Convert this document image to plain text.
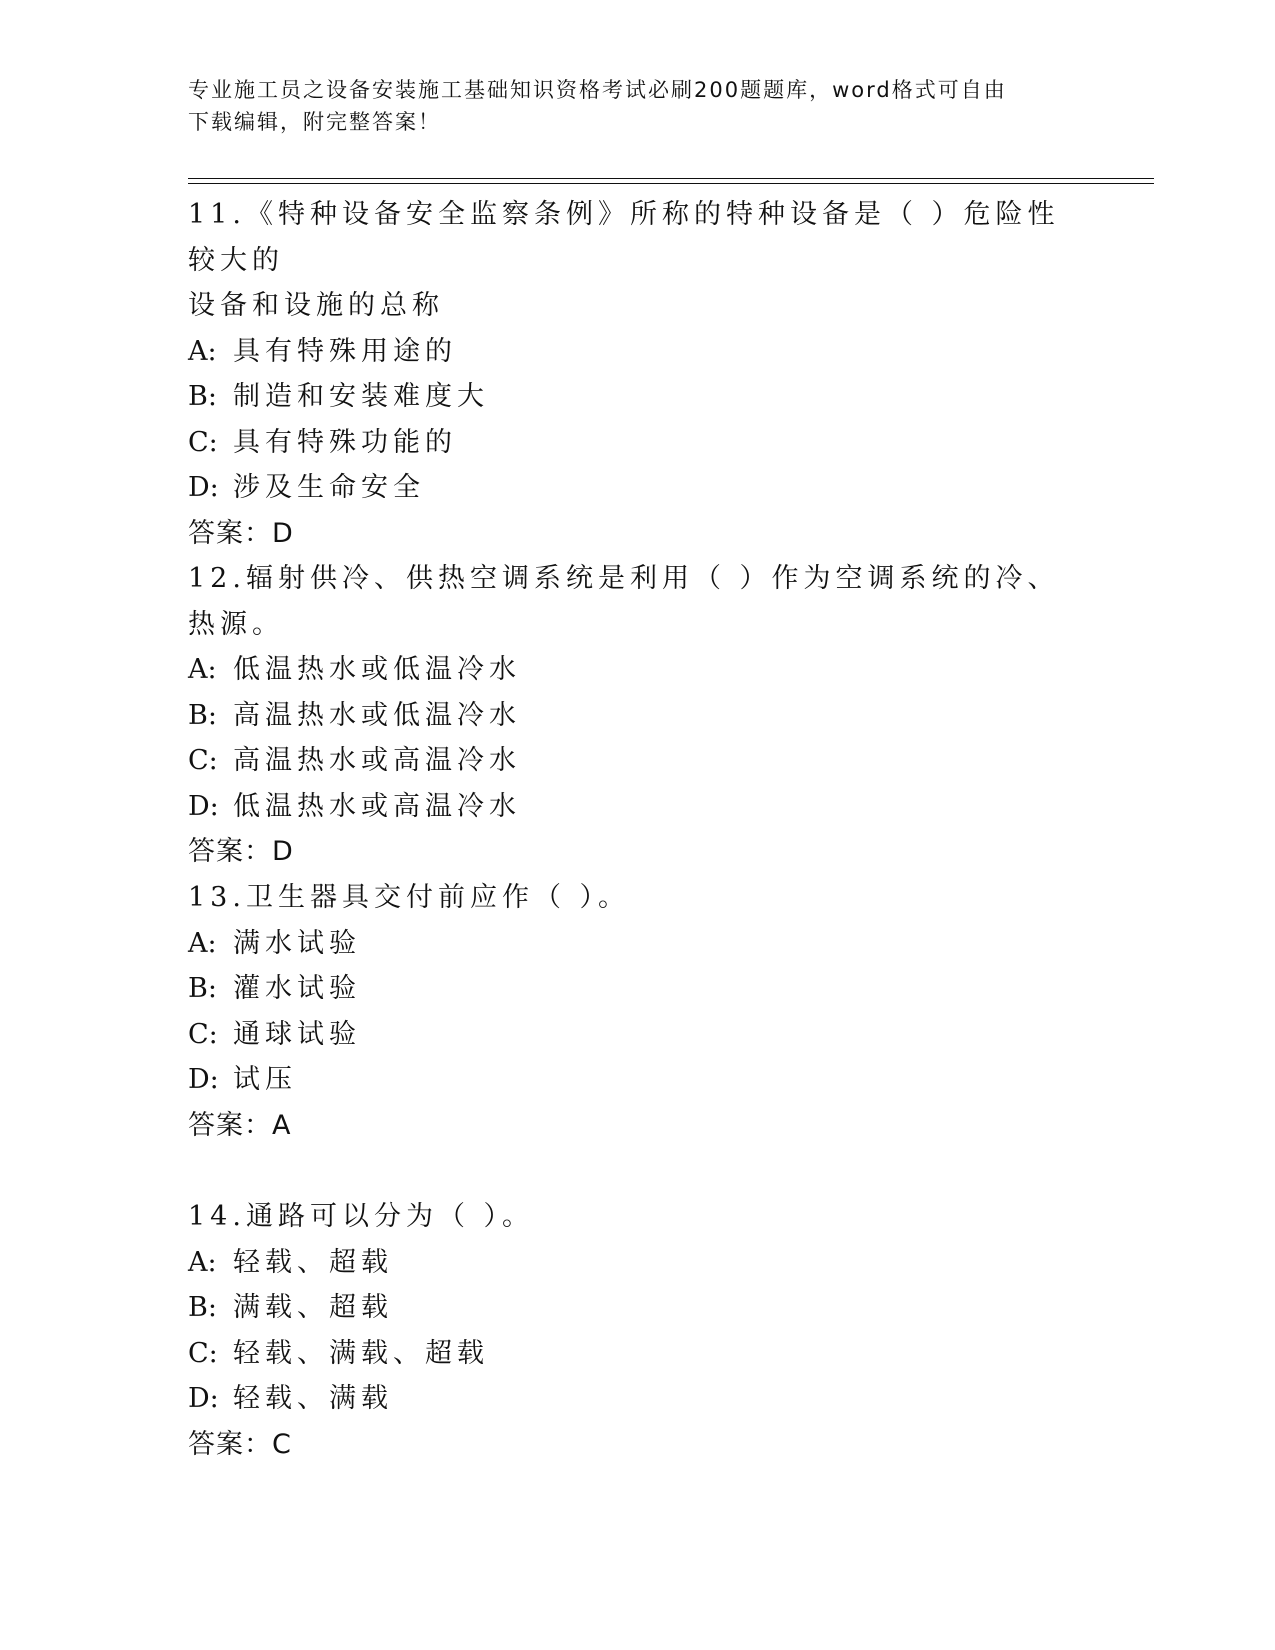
专业施工员之设备安装施工基础知识资格考试必刷200题题库，word格式可自由
下载编辑，附完整答案！
11.《特种设备安全监察条例》所称的特种设备是（ ）危险性较大的
设备和设施的总称
A: 具有特殊用途的
B: 制造和安装难度大
C: 具有特殊功能的
D: 涉及生命安全
答案：D
12.辐射供冷、供热空调系统是利用（ ）作为空调系统的冷、热源。
A: 低温热水或低温冷水
B: 高温热水或低温冷水
C: 高温热水或高温冷水
D: 低温热水或高温冷水
答案：D
13.卫生器具交付前应作（ ）。
A: 满水试验
B: 灌水试验
C: 通球试验
D: 试压
答案：A
14.通路可以分为（ ）。
A: 轻载、超载
B: 满载、超载
C: 轻载、满载、超载
D: 轻载、满载
答案：C
